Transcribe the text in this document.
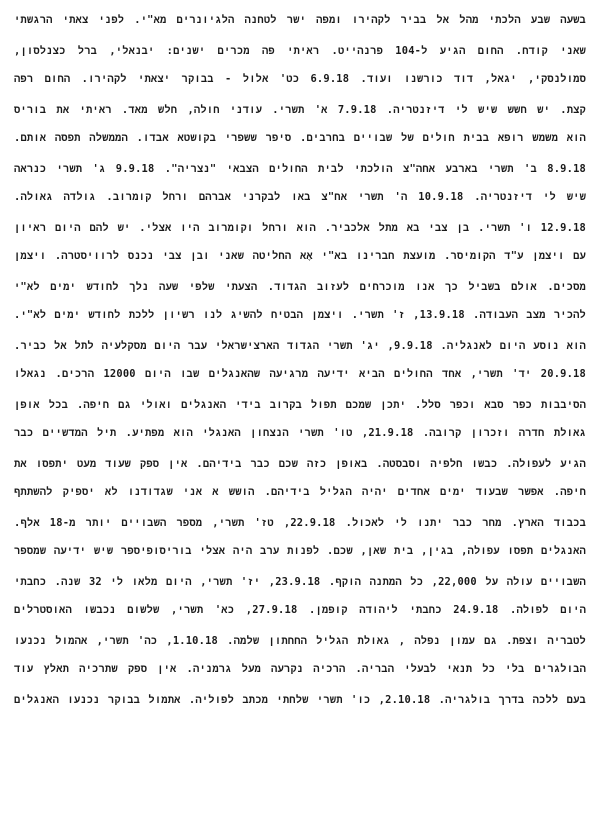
בשעה שבע הלכתי מהל אל בביר לקהירו ומפה ישר לטחנה הלגיונרים מא"י. לפני צאתי הרגשתי
שאני קודח. החום הגיע ל-104 פרנהייט. ראיתי פה מכרים ישנים: יבנאלי, ברל כצנלסון,
סמולנסקי, יגאל, דוד כורשנו ועוד. 6.9.18 כט' אלול - בבוקר יצאתי לקהירו. החום רפה
קצת. יש חשש שיש לי דיזנטריה. 7.9.18 א' תשרי. עודני חולה, חלש מאד. ראיתי את בוריס
הוא משמש רופא בבית חולים של שבויים בחרבים. סיפר ששפרי בקושטא אבדו. הממשלה תפסה אותם.
8.9.18 ב' תשרי בארבע אחה"צ הולכתי לבית החולים הצבאי "נצריה". 9.9.18 ג' תשרי כנראה
שיש לי דיזנטריה. 10.9.18 ה' תשרי אח"צ באו לבקרני אברהם ורחל קומרוב. גולדה גאולה.
12.9.18 ו' תשרי. בן צבי בא מתל אלכביר. הוא ורחל וקומרוב היו אצלי. יש להם היום ראיון
עם ויצמן ע"ד הקומיסר. מועצת חברינו בא"י אֶא החליטה שאני ובן צבי נכנס לרוויסטרה. ויצמן
מסכים. אולם בשביל כך אנו מוכרחים לעזוב הגדוד. הצעתי שלפי שעה נלך לחודש ימים לא"י
להכיר מצב העבודה. 13.9.18, ז' תשרי. ויצמן הבטיח להשיג לנו רשיון ללכת לחודש ימים לא"י.
הוא נוסע היום לאנגליה. 9.9.18, יג' תשרי הגדוד הארצישראלי עבר היום מסקלעיה לתל אל כביר.
20.9.18 יד' תשרי, אחד החולים הביא ידיעה מרגיעה שהאנגלים שבו היום 12000 הרכים. נגאלו
הסיבבות כפר סבא וכפר סלל. יתכן שמכם תפול בקרוב בידי האנגלים ואולי גם חיפה. בכל אופן
גאולת חדרה וזכרון קרובה. 21.9.18, טו' תשרי הנצחון האנגלי הוא מפתיע. תיל המדשיים כבר
הגיע לעפולה. כבשו חלפיה וסבסטה. באופן כזה שכם כבר בידיהם. אין ספק שעוד מעט יתפסו את
חיפה. אפשר שבעוד ימים אחדים יהיה הגליל בידיהם. הושש א אני שגדודנו לא יספיק להשתתף
בכבוד הארץ. מחר כבר יתנו לי לאכול. 22.9.18, טז' תשרי, מספר השבויים יותר מ-18 אלף.
האנגלים תפסו עפולה, בגין, בית שאן, שכם. לפנות ערב היה אצלי בוריסופיספר שיש ידיעה שמספר
השבויים עולה על 22,000, כל המתנה הוקף. 23.9.18, יז' תשרי, היום מלאו לי 32 שנה. כחבתי
היום לפולה. 24.9.18 כחבתי ליהודה קופמן. 27.9.18, כא' תשרי, שלשום נכבשו האוסטרלים
לטבריה וצפת. גם עמון נפלה , גאולת הגליל החחתון שלמה. 1.10.18, כה' תשרי, אהמול נכנעו
הבולגרים בלי כל תנאי לבעלי הבריה. הרכיה נקרעה מעל גרמניה. אין ספק שתרכיה תאלץ עוד
בעם ללכה בדרך בולגריה. 2.10.18, כו' תשרי שלחתי מכתב לפוליה. אתמול בבוקר נכנעו האנגלים
